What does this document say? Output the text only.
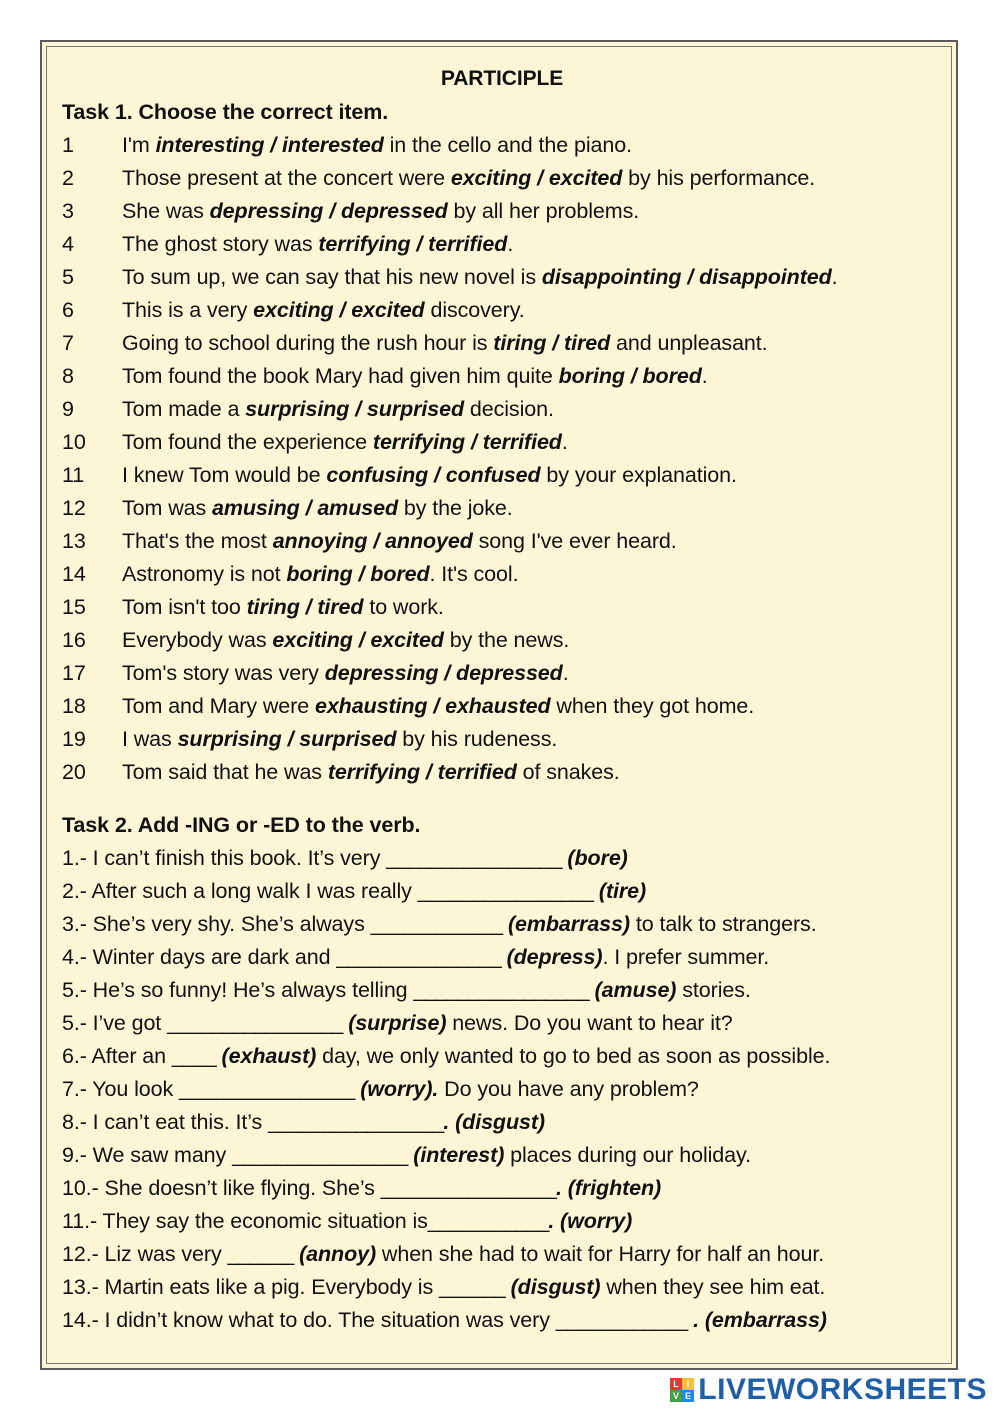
PARTICIPLE
Task 1. Choose the correct item.
1	I'm interesting / interested in the cello and the piano.
2	Those present at the concert were exciting / excited by his performance.
3	She was depressing / depressed by all her problems.
4	The ghost story was terrifying / terrified.
5	To sum up, we can say that his new novel is disappointing / disappointed.
6	This is a very exciting / excited discovery.
7	Going to school during the rush hour is tiring / tired and unpleasant.
8	Tom found the book Mary had given him quite boring / bored.
9	Tom made a surprising / surprised decision.
10	Tom found the experience terrifying / terrified.
11	I knew Tom would be confusing / confused by your explanation.
12	Tom was amusing / amused by the joke.
13	That's the most annoying / annoyed song I've ever heard.
14	Astronomy is not boring / bored. It's cool.
15	Tom isn't too tiring / tired to work.
16	Everybody was exciting / excited by the news.
17	Tom's story was very depressing / depressed.
18	Tom and Mary were exhausting / exhausted when they got home.
19	I was surprising / surprised by his rudeness.
20	Tom said that he was terrifying / terrified of snakes.
Task 2. Add -ING or -ED to the verb.
1.- I can’t finish this book. It’s very ________________ (bore)
2.- After such a long walk I was really ________________ (tire)
3.- She’s very shy. She’s always ____________ (embarrass) to talk to strangers.
4.- Winter days are dark and _______________ (depress). I prefer summer.
5.- He’s so funny! He’s always telling ________________ (amuse) stories.
5.- I’ve got ________________ (surprise) news. Do you want to hear it?
6.- After an ____ (exhaust) day, we only wanted to go to bed as soon as possible.
7.- You look ________________ (worry). Do you have any problem?
8.- I can’t eat this. It’s ________________. (disgust)
9.- We saw many ________________ (interest) places during our holiday.
10.- She doesn’t like flying. She’s ________________. (frighten)
11.- They say the economic situation is___________. (worry)
12.- Liz was very ______ (annoy) when she had to wait for Harry for half an hour.
13.- Martin eats like a pig. Everybody is ______ (disgust) when they see him eat.
14.- I didn’t know what to do. The situation was very ____________ . (embarrass)
L I
V E LIVEWORKSHEETS
